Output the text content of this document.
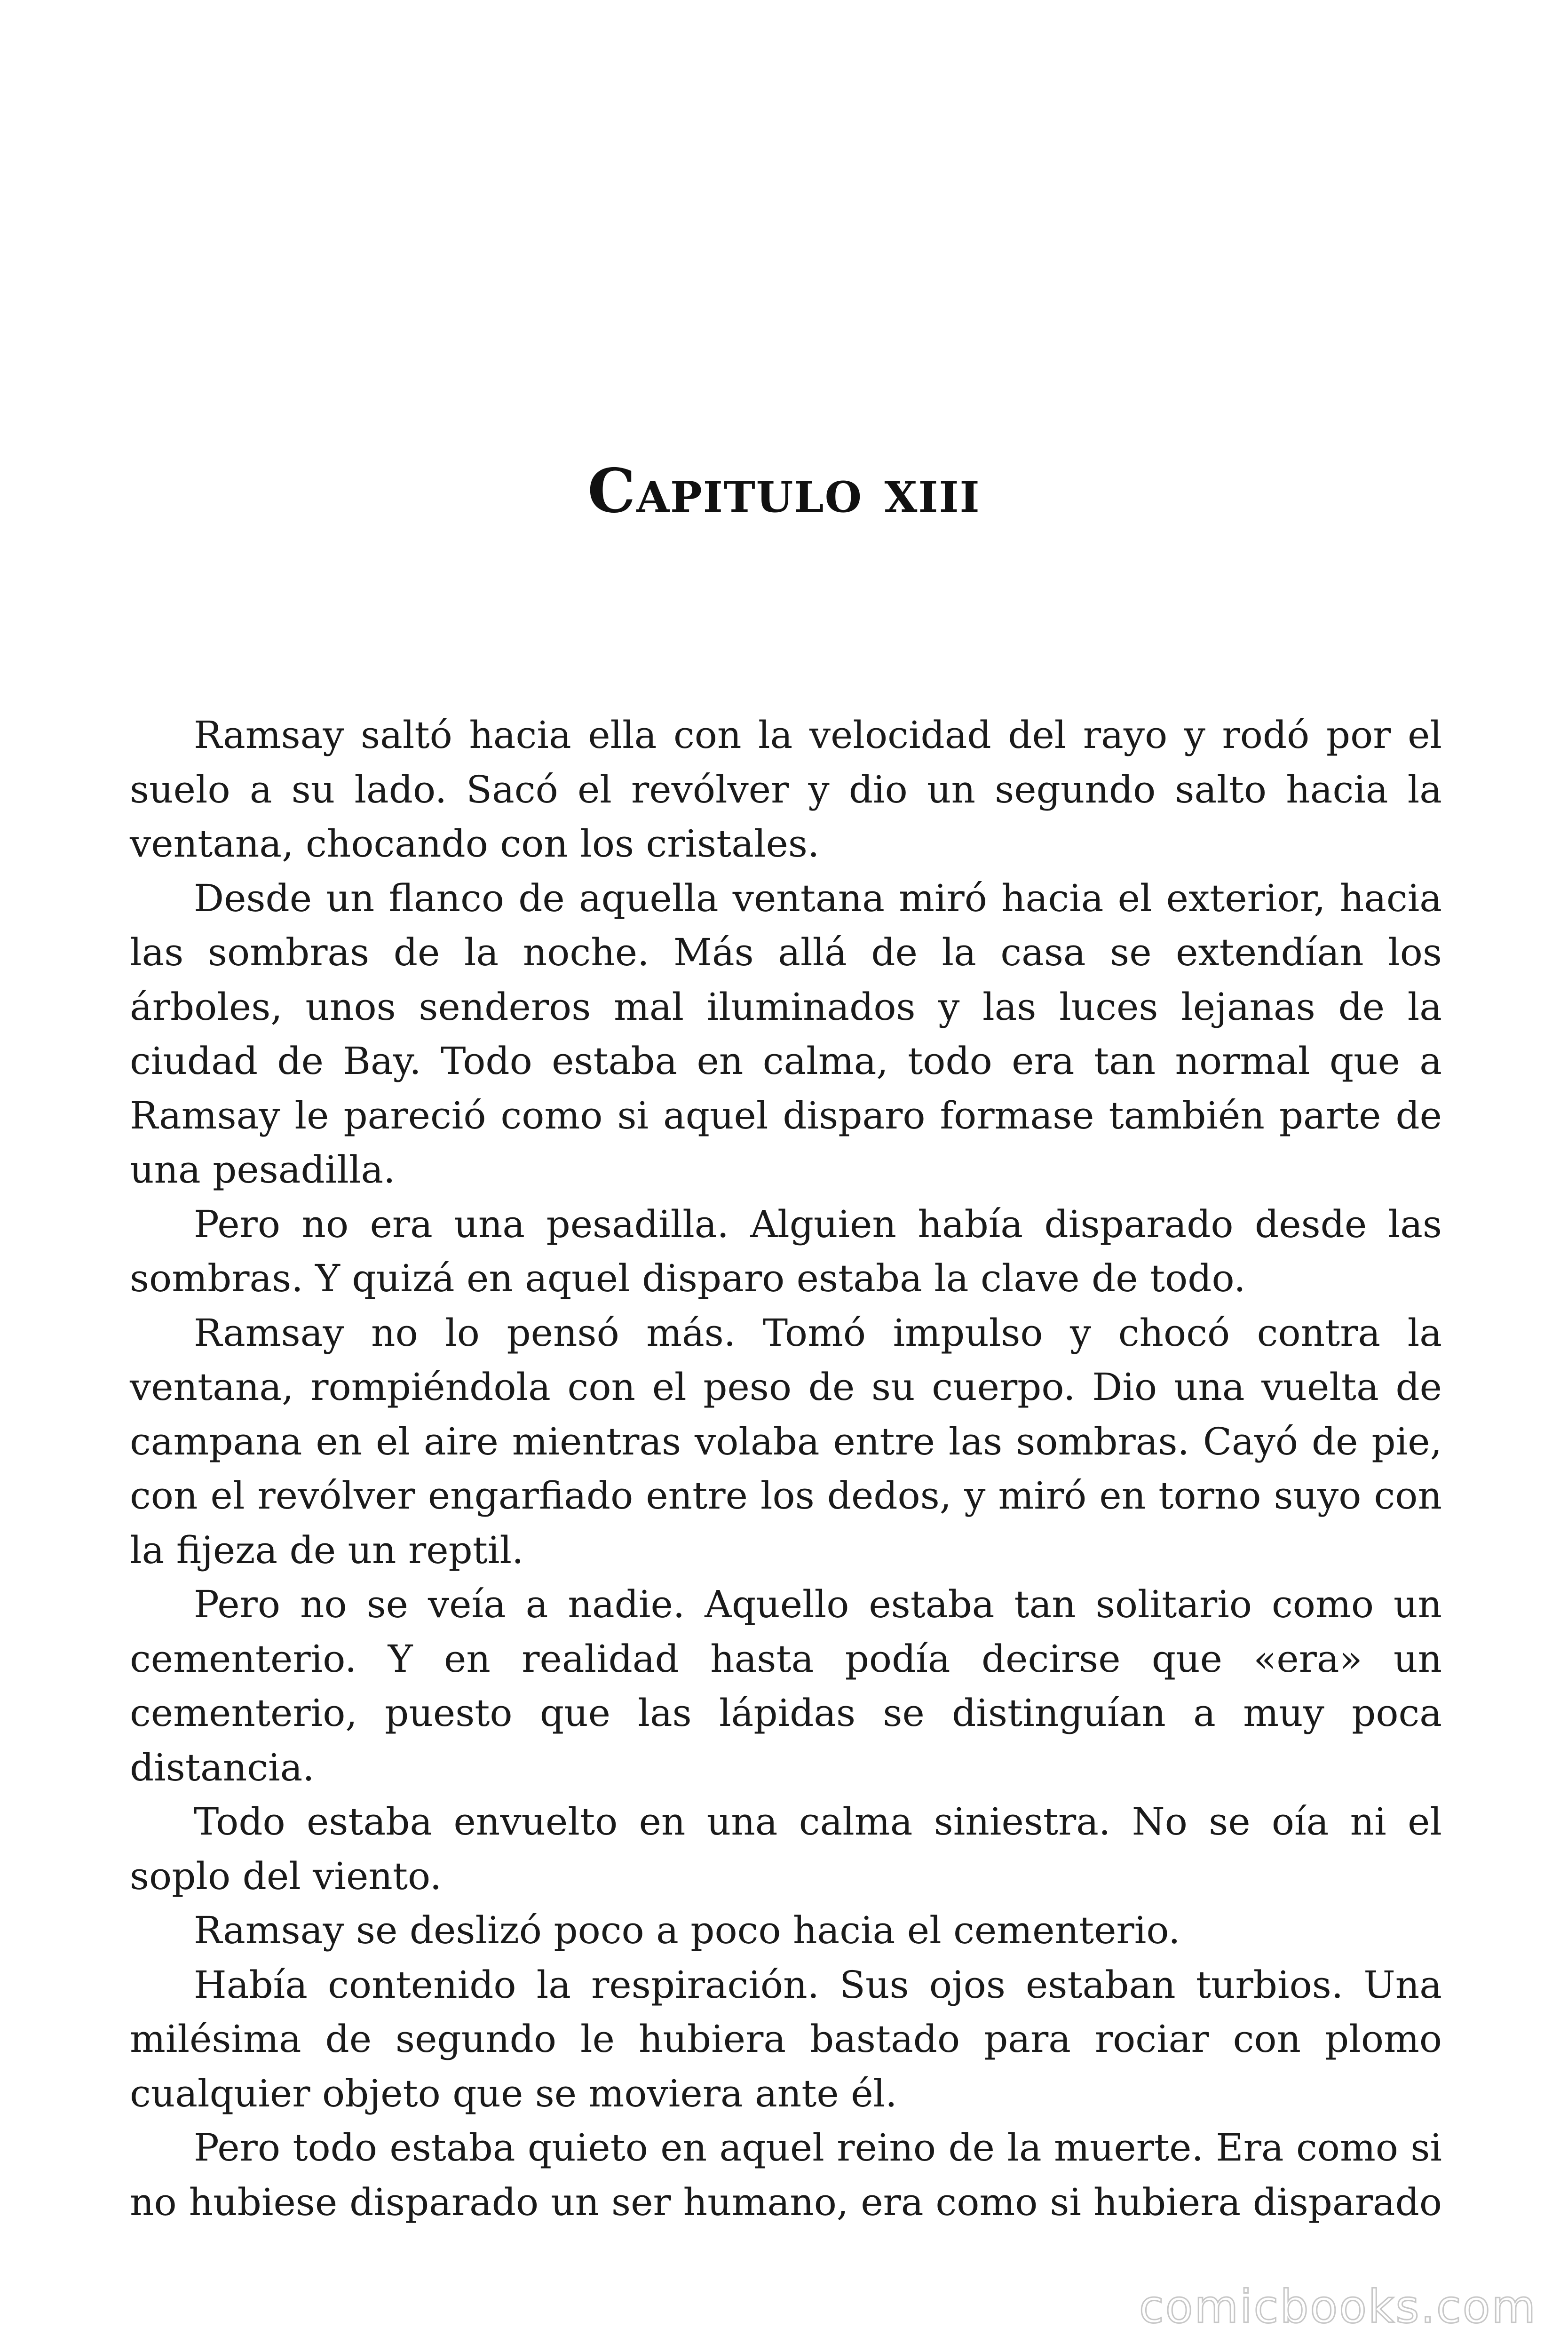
Capitulo xiii

Ramsay saltó hacia ella con la velocidad del rayo y rodó por el suelo a su lado. Sacó el revólver y dio un segundo salto hacia la ventana, chocando con los cristales.

Desde un flanco de aquella ventana miró hacia el exterior, hacia las sombras de la noche. Más allá de la casa se extendían los árboles, unos senderos mal iluminados y las luces lejanas de la ciudad de Bay. Todo estaba en calma, todo era tan normal que a Ramsay le pareció como si aquel disparo formase también parte de una pesadilla.

Pero no era una pesadilla. Alguien había disparado desde las sombras. Y quizá en aquel disparo estaba la clave de todo.

Ramsay no lo pensó más. Tomó impulso y chocó contra la ventana, rompiéndola con el peso de su cuerpo. Dio una vuelta de campana en el aire mientras volaba entre las sombras. Cayó de pie, con el revólver engarfiado entre los dedos, y miró en torno suyo con la fijeza de un reptil.

Pero no se veía a nadie. Aquello estaba tan solitario como un cementerio. Y en realidad hasta podía decirse que «era» un cementerio, puesto que las lápidas se distinguían a muy poca distancia.

Todo estaba envuelto en una calma siniestra. No se oía ni el soplo del viento.

Ramsay se deslizó poco a poco hacia el cementerio.

Había contenido la respiración. Sus ojos estaban turbios. Una milésima de segundo le hubiera bastado para rociar con plomo cualquier objeto que se moviera ante él.

Pero todo estaba quieto en aquel reino de la muerte. Era como si no hubiese disparado un ser humano, era como si hubiera disparado

comicbooks.com
